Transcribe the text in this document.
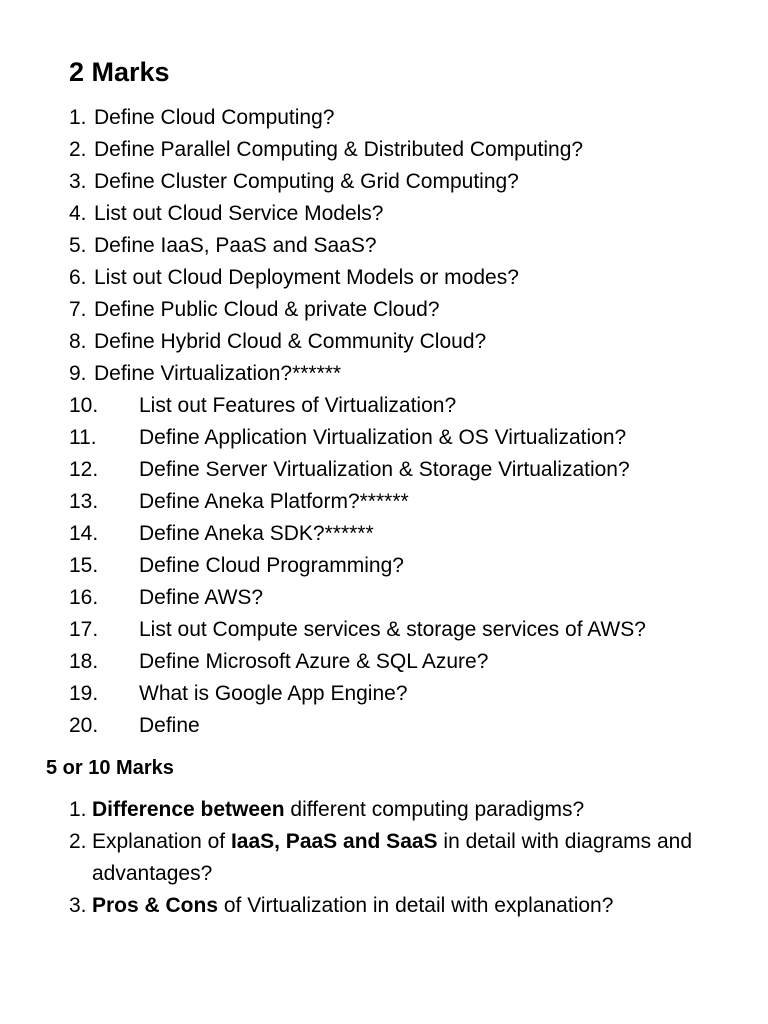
2 Marks
1. Define Cloud Computing?
2. Define Parallel Computing & Distributed Computing?
3. Define Cluster Computing & Grid Computing?
4. List out Cloud Service Models?
5. Define IaaS, PaaS and SaaS?
6. List out Cloud Deployment Models or modes?
7. Define Public Cloud & private Cloud?
8. Define Hybrid Cloud & Community Cloud?
9. Define Virtualization?******
10. List out Features of Virtualization?
11. Define Application Virtualization & OS Virtualization?
12. Define Server Virtualization & Storage Virtualization?
13. Define Aneka Platform?******
14. Define Aneka SDK?******
15. Define Cloud Programming?
16. Define AWS?
17. List out Compute services & storage services of AWS?
18. Define Microsoft Azure & SQL Azure?
19. What is Google App Engine?
20. Define
5 or 10 Marks
1. Difference between different computing paradigms?
2. Explanation of IaaS, PaaS and SaaS in detail with diagrams and advantages?
3. Pros & Cons of Virtualization in detail with explanation?
